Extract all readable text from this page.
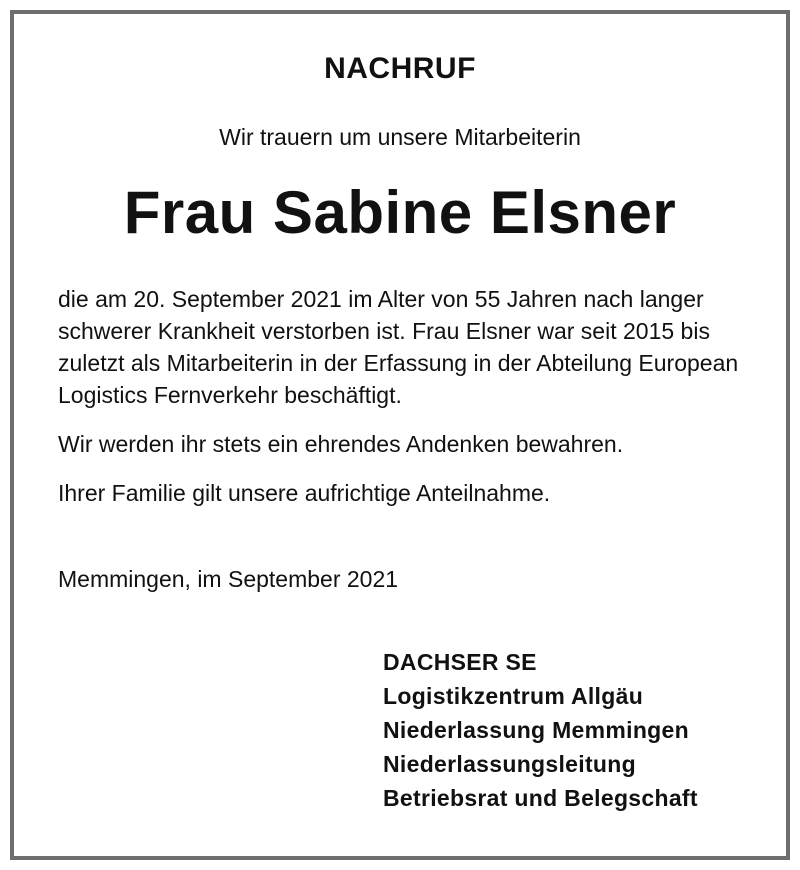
NACHRUF
Wir trauern um unsere Mitarbeiterin
Frau Sabine Elsner
die am 20. September 2021 im Alter von 55 Jahren nach langer schwerer Krankheit verstorben ist. Frau Elsner war seit 2015 bis zuletzt als Mitarbeiterin in der Erfassung in der Abteilung European Logistics Fernverkehr beschäftigt.
Wir werden ihr stets ein ehrendes Andenken bewahren.
Ihrer Familie gilt unsere aufrichtige Anteilnahme.
Memmingen, im September 2021
DACHSER SE
Logistikzentrum Allgäu
Niederlassung Memmingen
Niederlassungsleitung
Betriebsrat und Belegschaft
